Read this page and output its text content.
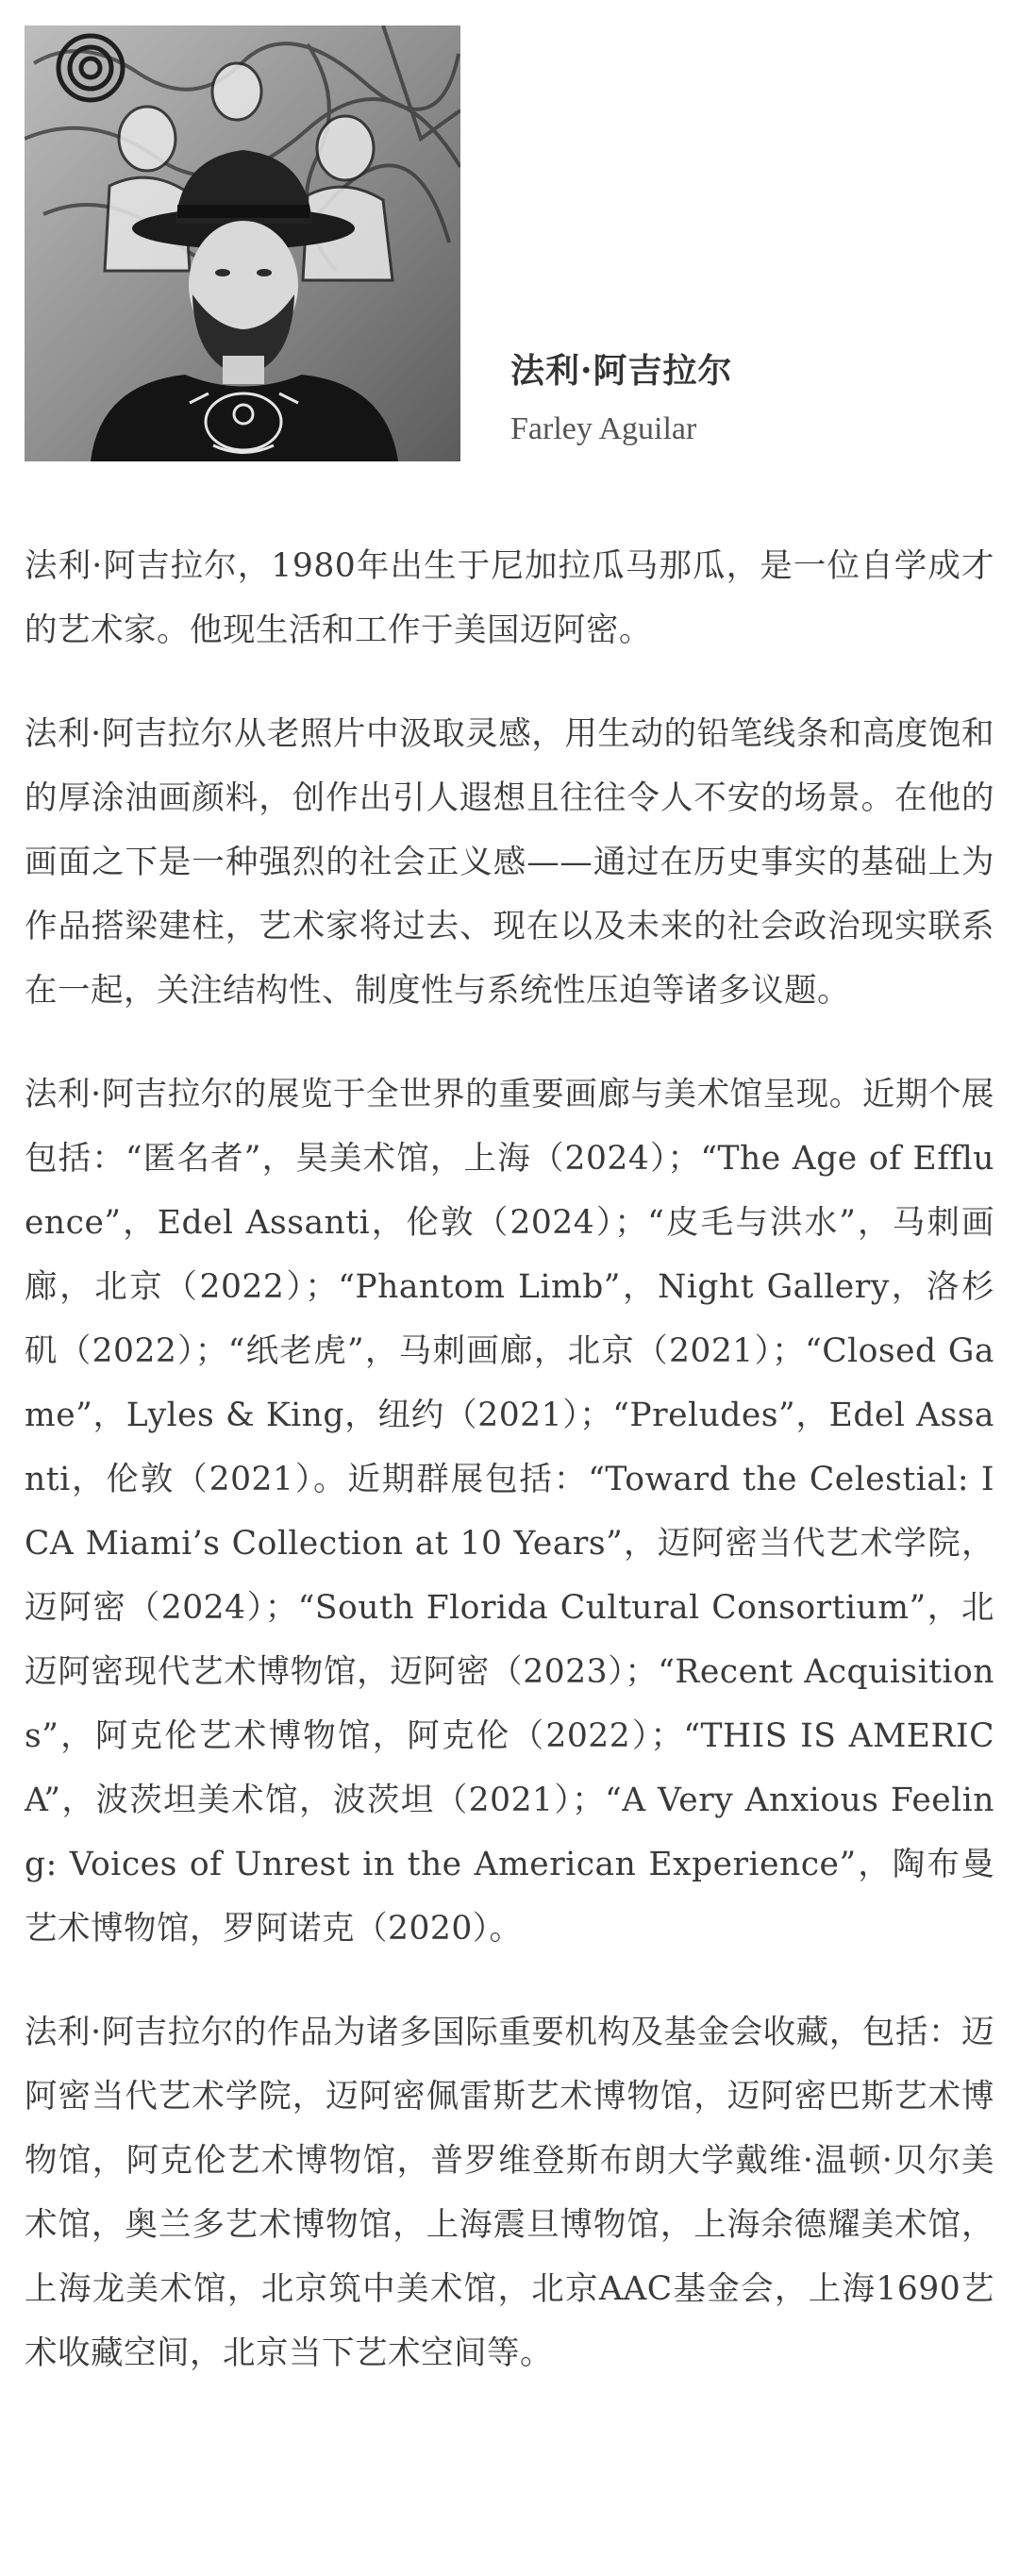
法利·阿吉拉尔
Farley Aguilar

法利·阿吉拉尔，1980年出生于尼加拉瓜马那瓜，是一位自学成才的艺术家。他现生活和工作于美国迈阿密。

法利·阿吉拉尔从老照片中汲取灵感，用生动的铅笔线条和高度饱和的厚涂油画颜料，创作出引人遐想且往往令人不安的场景。在他的画面之下是一种强烈的社会正义感——通过在历史事实的基础上为作品搭梁建柱，艺术家将过去、现在以及未来的社会政治现实联系在一起，关注结构性、制度性与系统性压迫等诸多议题。

法利·阿吉拉尔的展览于全世界的重要画廊与美术馆呈现。近期个展包括：“匿名者”，昊美术馆，上海（2024）；“The Age of Effluence”，Edel Assanti，伦敦（2024）；“皮毛与洪水”，马刺画廊，北京（2022）；“Phantom Limb”，Night Gallery，洛杉矶（2022）；“纸老虎”，马刺画廊，北京（2021）；“Closed Game”，Lyles & King，纽约（2021）；“Preludes”，Edel Assanti，伦敦（2021）。近期群展包括：“Toward the Celestial: ICA Miami’s Collection at 10 Years”，迈阿密当代艺术学院，迈阿密（2024）；“South Florida Cultural Consortium”，北迈阿密现代艺术博物馆，迈阿密（2023）；“Recent Acquisitions”，阿克伦艺术博物馆，阿克伦（2022）；“THIS IS AMERICA”，波茨坦美术馆，波茨坦（2021）；“A Very Anxious Feeling: Voices of Unrest in the American Experience”，陶布曼艺术博物馆，罗阿诺克（2020）。

法利·阿吉拉尔的作品为诸多国际重要机构及基金会收藏，包括：迈阿密当代艺术学院，迈阿密佩雷斯艺术博物馆，迈阿密巴斯艺术博物馆，阿克伦艺术博物馆，普罗维登斯布朗大学戴维·温顿·贝尔美术馆，奥兰多艺术博物馆，上海震旦博物馆，上海余德耀美术馆，上海龙美术馆，北京筑中美术馆，北京AAC基金会，上海1690艺术收藏空间，北京当下艺术空间等。
